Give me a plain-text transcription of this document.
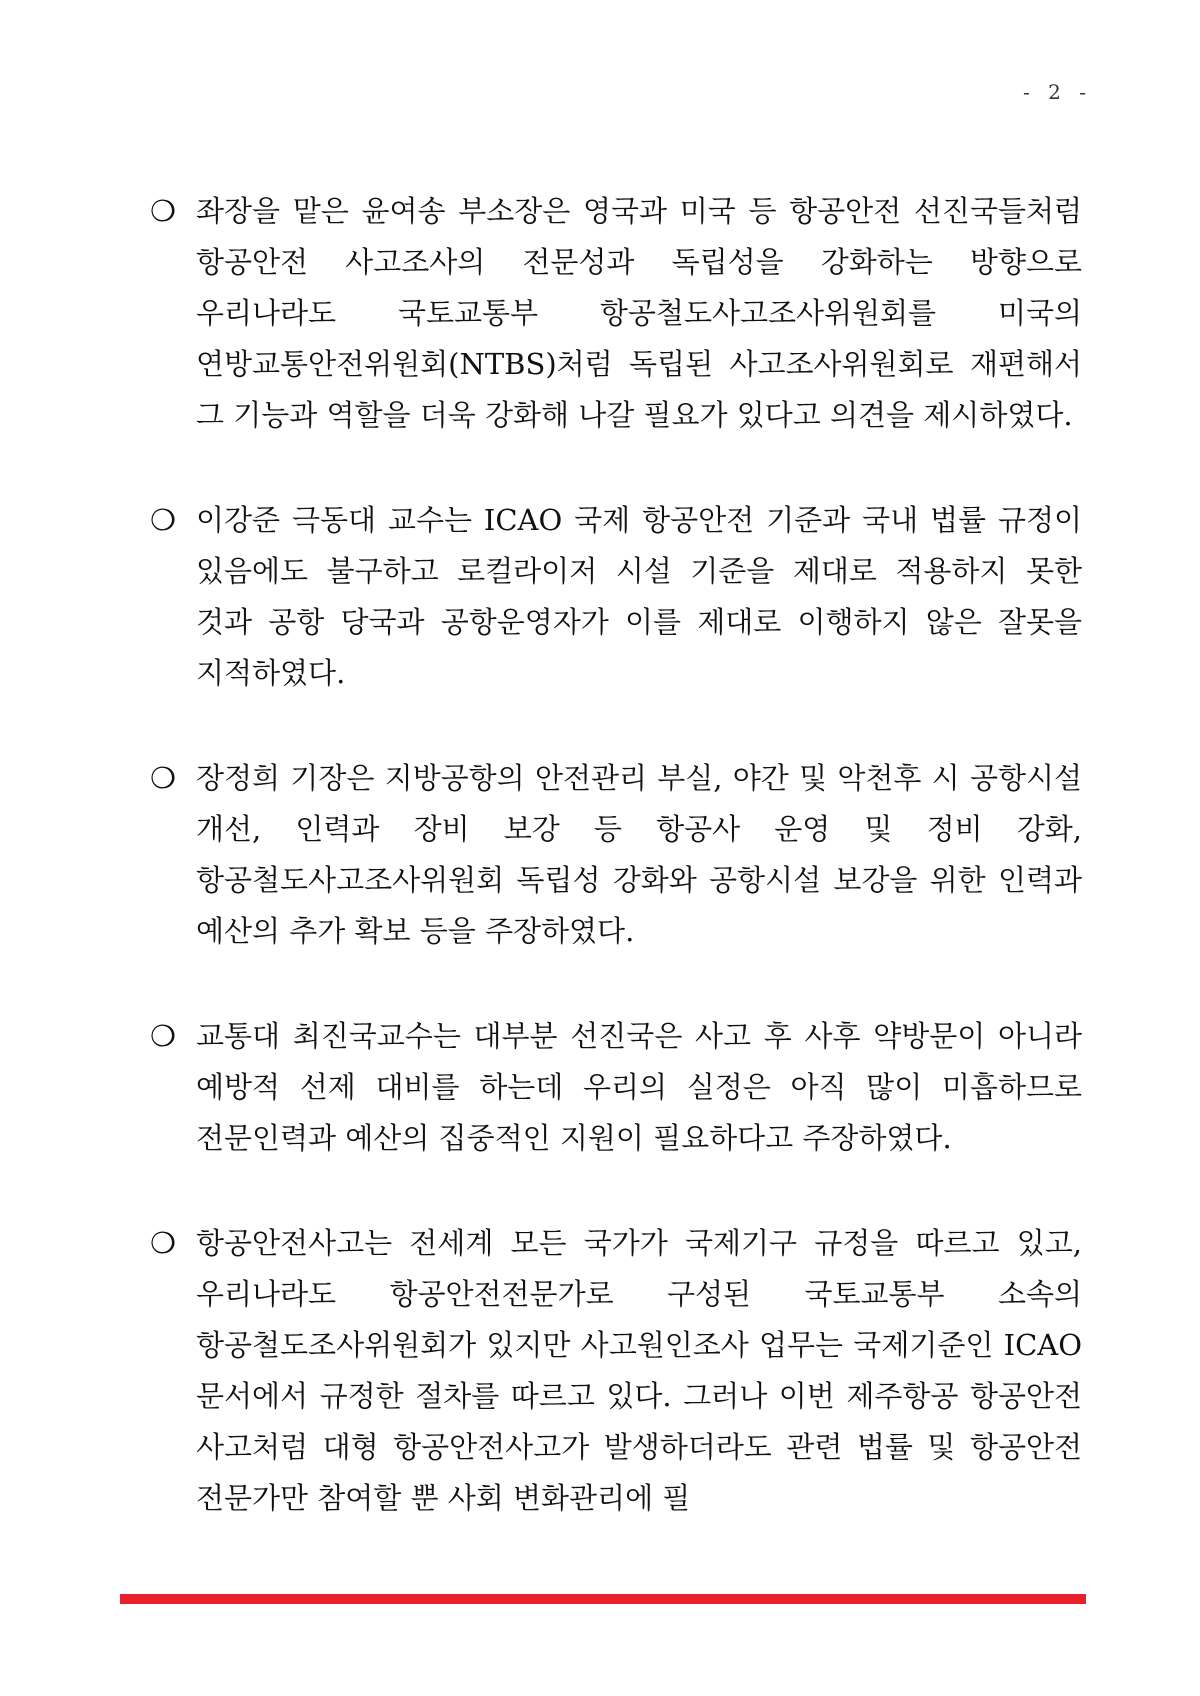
- 2 -
❍ 좌장을 맡은 윤여송 부소장은 영국과 미국 등 항공안전 선진국들처럼 항공안전 사고조사의 전문성과 독립성을 강화하는 방향으로 우리나라도 국토교통부 항공철도사고조사위원회를 미국의 연방교통안전위원회(NTBS)처럼 독립된 사고조사위원회로 재편해서 그 기능과 역할을 더욱 강화해 나갈 필요가 있다고 의견을 제시하였다.
❍ 이강준 극동대 교수는 ICAO 국제 항공안전 기준과 국내 법률 규정이 있음에도 불구하고 로컬라이저 시설 기준을 제대로 적용하지 못한 것과 공항 당국과 공항운영자가 이를 제대로 이행하지 않은 잘못을 지적하였다.
❍ 장정희 기장은 지방공항의 안전관리 부실, 야간 및 악천후 시 공항시설 개선, 인력과 장비 보강 등 항공사 운영 및 정비 강화, 항공철도사고조사위원회 독립성 강화와 공항시설 보강을 위한 인력과 예산의 추가 확보 등을 주장하였다.
❍ 교통대 최진국교수는 대부분 선진국은 사고 후 사후 약방문이 아니라 예방적 선제 대비를 하는데 우리의 실정은 아직 많이 미흡하므로 전문인력과 예산의 집중적인 지원이 필요하다고 주장하였다.
❍ 항공안전사고는 전세계 모든 국가가 국제기구 규정을 따르고 있고, 우리나라도 항공안전전문가로 구성된 국토교통부 소속의 항공철도조사위원회가 있지만 사고원인조사 업무는 국제기준인 ICAO 문서에서 규정한 절차를 따르고 있다. 그러나 이번 제주항공 항공안전 사고처럼 대형 항공안전사고가 발생하더라도 관련 법률 및 항공안전 전문가만 참여할 뿐 사회 변화관리에 필
